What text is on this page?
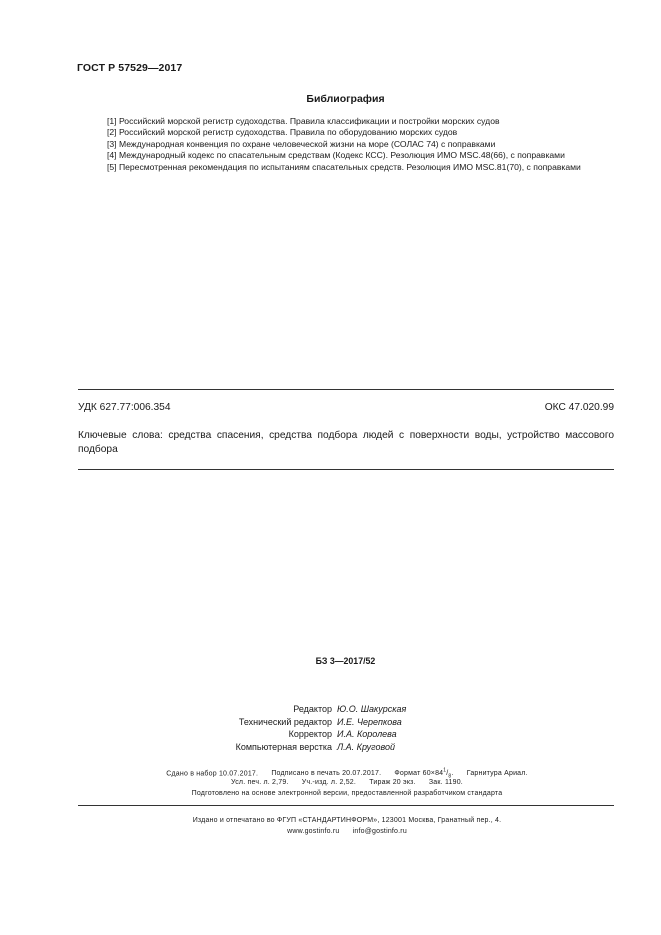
ГОСТ Р 57529—2017
Библиография
[1] Российский морской регистр судоходства. Правила классификации и постройки морских судов
[2] Российский морской регистр судоходства. Правила по оборудованию морских судов
[3] Международная конвенция по охране человеческой жизни на море (СОЛАС 74) с поправками
[4] Международный кодекс по спасательным средствам (Кодекс КСС). Резолюция ИМО MSC.48(66), с поправками
[5] Пересмотренная рекомендация по испытаниям спасательных средств. Резолюция ИМО MSC.81(70), с поправками
УДК 627.77:006.354	ОКС 47.020.99
Ключевые слова: средства спасения, средства подбора людей с поверхности воды, устройство массового подбора
БЗ 3—2017/52
Редактор Ю.О. Шакурская
Технический редактор И.Е. Черепкова
Корректор И.А. Королева
Компьютерная верстка Л.А. Круговой
Сдано в набор 10.07.2017. Подписано в печать 20.07.2017. Формат $60\times 84^1/_8$. Гарнитура Ариал.
Усл. печ. л. 2,79. Уч.-изд. л. 2,52. Тираж 20 экз. Зак. 1190.
Подготовлено на основе электронной версии, предоставленной разработчиком стандарта
Издано и отпечатано во ФГУП «СТАНДАРТИНФОРМ», 123001 Москва, Гранатный пер., 4.
www.gostinfo.ru info@gostinfo.ru
